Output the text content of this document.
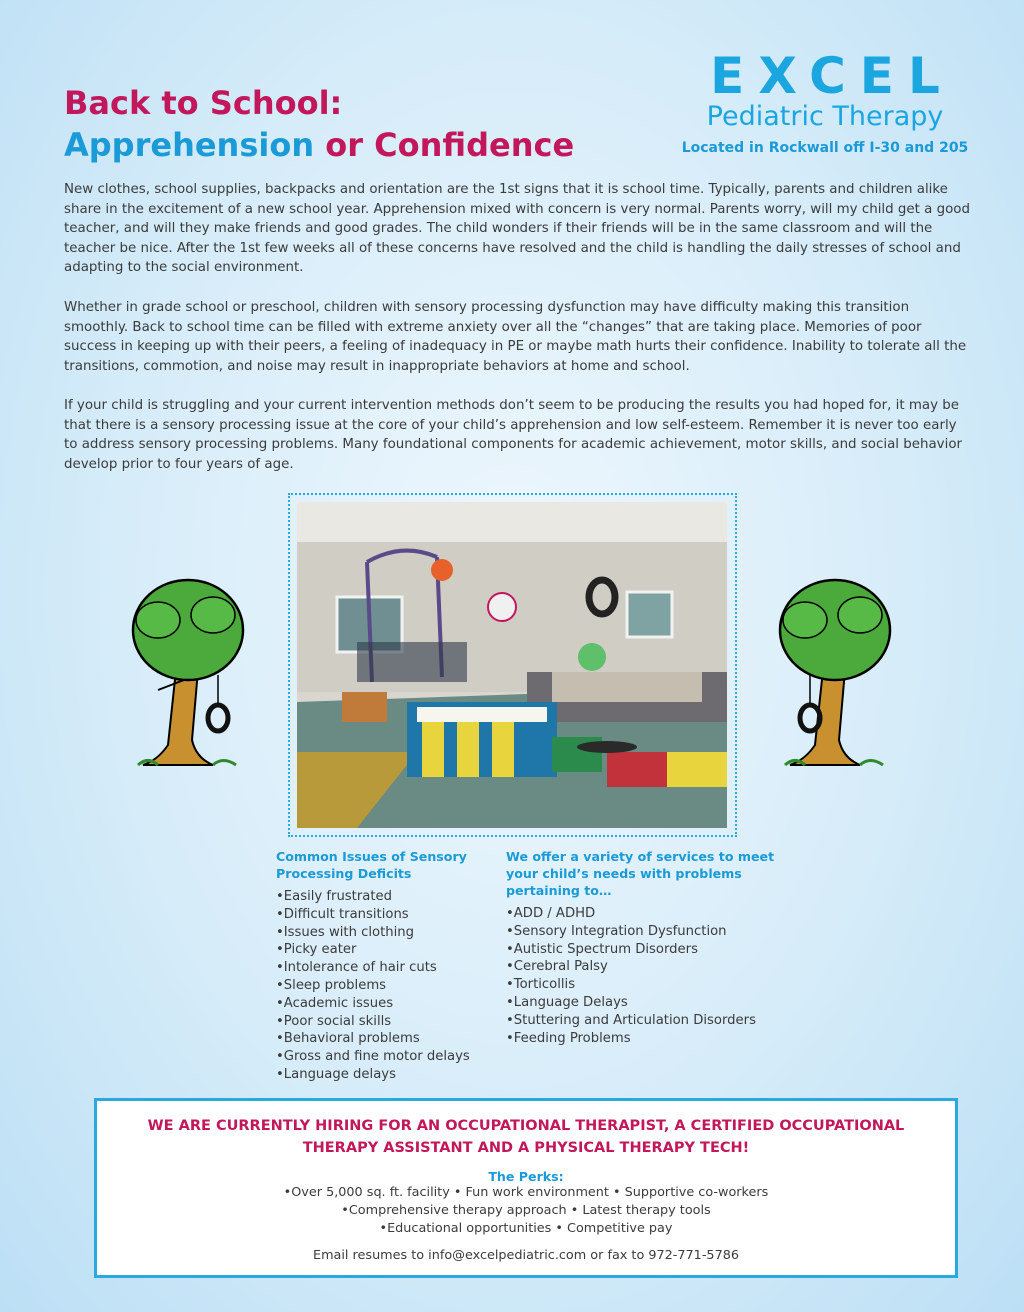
Back to School:
Apprehension or Confidence
EXCEL
Pediatric Therapy
Located in Rockwall off I-30 and 205

New clothes, school supplies, backpacks and orientation are the 1st signs that it is school time. Typically, parents and children alike share in the excitement of a new school year. Apprehension mixed with concern is very normal. Parents worry, will my child get a good teacher, and will they make friends and good grades. The child wonders if their friends will be in the same classroom and will the teacher be nice. After the 1st few weeks all of these concerns have resolved and the child is handling the daily stresses of school and adapting to the social environment.

Whether in grade school or preschool, children with sensory processing dysfunction may have difficulty making this transition smoothly. Back to school time can be filled with extreme anxiety over all the “changes” that are taking place. Memories of poor success in keeping up with their peers, a feeling of inadequacy in PE or maybe math hurts their confidence. Inability to tolerate all the transitions, commotion, and noise may result in inappropriate behaviors at home and school.

If your child is struggling and your current intervention methods don’t seem to be producing the results you had hoped for, it may be that there is a sensory processing issue at the core of your child’s apprehension and low self-esteem. Remember it is never too early to address sensory processing problems. Many foundational components for academic achievement, motor skills, and social behavior develop prior to four years of age.

Common Issues of Sensory Processing Deficits
•Easily frustrated
•Difficult transitions
•Issues with clothing
•Picky eater
•Intolerance of hair cuts
•Sleep problems
•Academic issues
•Poor social skills
•Behavioral problems
•Gross and fine motor delays
•Language delays
We offer a variety of services to meet your child’s needs with problems pertaining to…
•ADD / ADHD
•Sensory Integration Dysfunction
•Autistic Spectrum Disorders
•Cerebral Palsy
•Torticollis
•Language Delays
•Stuttering and Articulation Disorders
•Feeding Problems

WE ARE CURRENTLY HIRING FOR AN OCCUPATIONAL THERAPIST, A CERTIFIED OCCUPATIONAL THERAPY ASSISTANT AND A PHYSICAL THERAPY TECH!

The Perks:
•Over 5,000 sq. ft. facility • Fun work environment • Supportive co-workers
•Comprehensive therapy approach • Latest therapy tools
•Educational opportunities • Competitive pay
Email resumes to info@excelpediatric.com or fax to 972-771-5786
